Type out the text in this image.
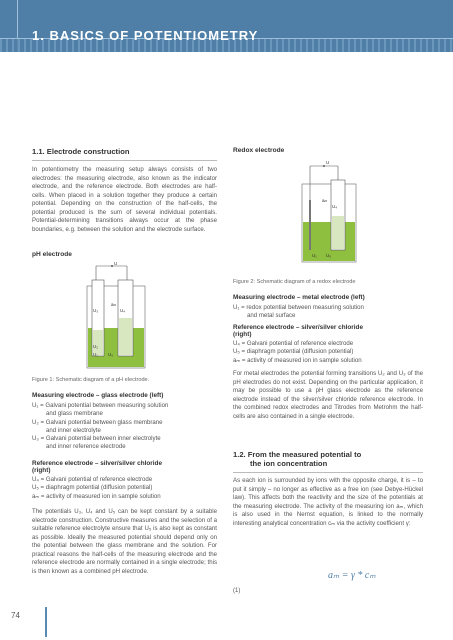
1. BASICS OF POTENTIOMETRY
1.1. Electrode construction
In potentiometry the measuring setup always consists of two electrodes: the measuring electrode, also known as the indicator electrode, and the reference electrode. Both electrodes are half-cells. When placed in a solution together they produce a certain potential. Depending on the construction of the half-cells, the potential produced is the sum of several individual potentials. Potential-determining transitions always occur at the phase boundaries, e.g. between the solution and the electrode surface.
pH electrode
U
U₃
U₂
U₁
aₘ
U₄
U₅
Figure 1: Schematic diagram of a pH electrode.
Measuring electrode – glass electrode (left)
U₁ = Galvani potential between measuring solution
and glass membrane
U₂ = Galvani potential between glass membrane
and inner electrolyte
U₃ = Galvani potential between inner electrolyte
and inner reference electrode
Reference electrode – silver/silver chloride
(right)
U₄ = Galvani potential of reference electrode
U₅ = diaphragm potential (diffusion potential)
aₘ = activity of measured ion in sample solution
The potentials U₃, U₄ and U₅ can be kept constant by a suitable electrode construction. Constructive measures and the selection of a suitable reference electrolyte ensure that U₅ is also kept as constant as possible. Ideally the measured potential should depend only on the potential between the glass membrane and the solution. For practical reasons the half-cells of the measuring electrode and the reference electrode are normally contained in a single electrode; this is then known as a combined pH electrode.
Redox electrode
U
aₘ
U₄
U₁ U₅
Figure 2: Schematic diagram of a redox electrode
Measuring electrode – metal electrode (left)
U₁ = redox potential between measuring solution
and metal surface
Reference electrode – silver/silver chloride
(right)
U₄ = Galvani potential of reference electrode
U₅ = diaphragm potential (diffusion potential)
aₘ = activity of measured ion in sample solution
For metal electrodes the potential forming transitions U₂ and U₃ of the pH electrodes do not exist. Depending on the particular application, it may be possible to use a pH glass electrode as the reference electrode instead of the silver/silver chloride reference electrode. In the combined redox electrodes and Titrodes from Metrohm the half-cells are also contained in a single electrode.
1.2. From the measured potential to
the ion concentration
As each ion is surrounded by ions with the opposite charge, it is – to put it simply – no longer as effective as a free ion (see Debye-Hückel law). This affects both the reactivity and the size of the potentials at the measuring electrode. The activity of the measuring ion aₘ, which is also used in the Nernst equation, is linked to the normally interesting analytical concentration cₘ via the activity coefficient γ:
aₘ = γ * cₘ
(1)
74
